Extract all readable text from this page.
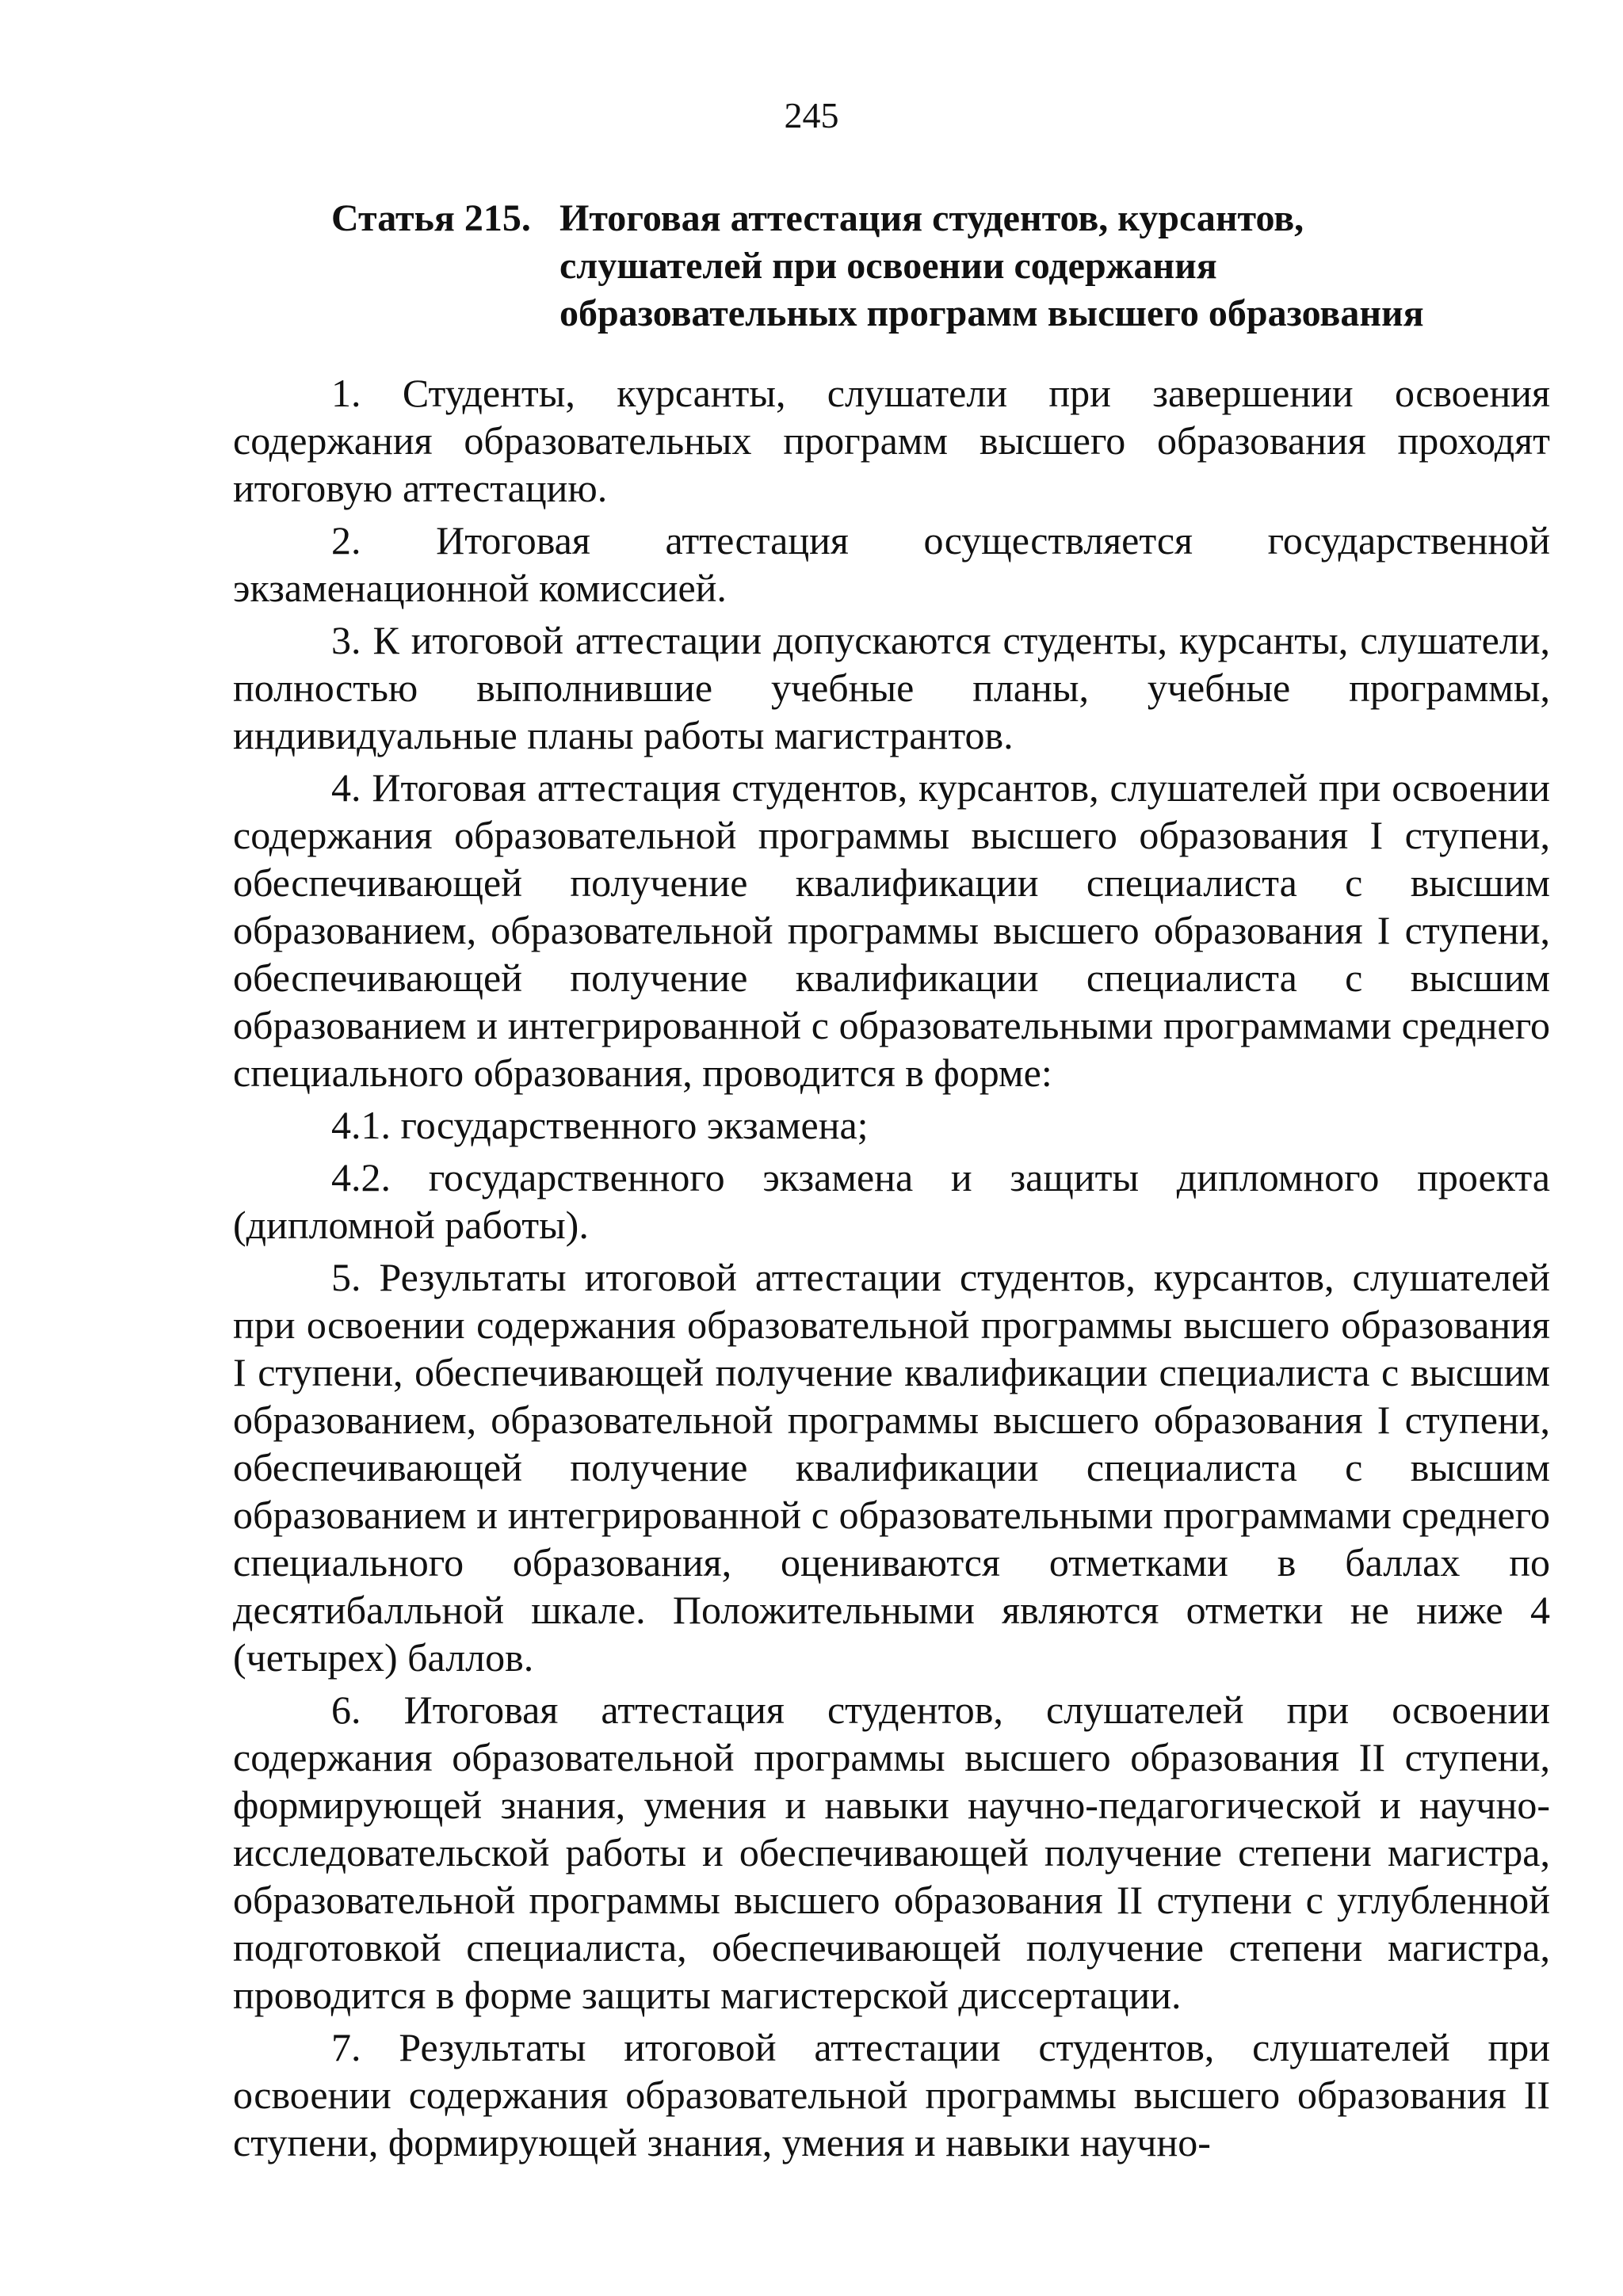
245
Статья 215. Итоговая аттестация студентов, курсантов,
слушателей при освоении содержания
образовательных программ высшего образования

1. Студенты, курсанты, слушатели при завершении освоения содержания образовательных программ высшего образования проходят итоговую аттестацию.

2. Итоговая аттестация осуществляется государственной экзаменационной комиссией.

3. К итоговой аттестации допускаются студенты, курсанты, слушатели, полностью выполнившие учебные планы, учебные программы, индивидуальные планы работы магистрантов.

4. Итоговая аттестация студентов, курсантов, слушателей при освоении содержания образовательной программы высшего образования I ступени, обеспечивающей получение квалификации специалиста с высшим образованием, образовательной программы высшего образования I ступени, обеспечивающей получение квалификации специалиста с высшим образованием и интегрированной с образовательными программами среднего специального образования, проводится в форме:

4.1. государственного экзамена;

4.2. государственного экзамена и защиты дипломного проекта (дипломной работы).

5. Результаты итоговой аттестации студентов, курсантов, слушателей при освоении содержания образовательной программы высшего образования I ступени, обеспечивающей получение квалификации специалиста с высшим образованием, образовательной программы высшего образования I ступени, обеспечивающей получение квалификации специалиста с высшим образованием и интегрированной с образовательными программами среднего специального образования, оцениваются отметками в баллах по десятибалльной шкале. Положительными являются отметки не ниже 4 (четырех) баллов.

6. Итоговая аттестация студентов, слушателей при освоении содержания образовательной программы высшего образования II ступени, формирующей знания, умения и навыки научно-педагогической и научно-исследовательской работы и обеспечивающей получение степени магистра, образовательной программы высшего образования II ступени с углубленной подготовкой специалиста, обеспечивающей получение степени магистра, проводится в форме защиты магистерской диссертации.

7. Результаты итоговой аттестации студентов, слушателей при освоении содержания образовательной программы высшего образования II ступени, формирующей знания, умения и навыки научно-
